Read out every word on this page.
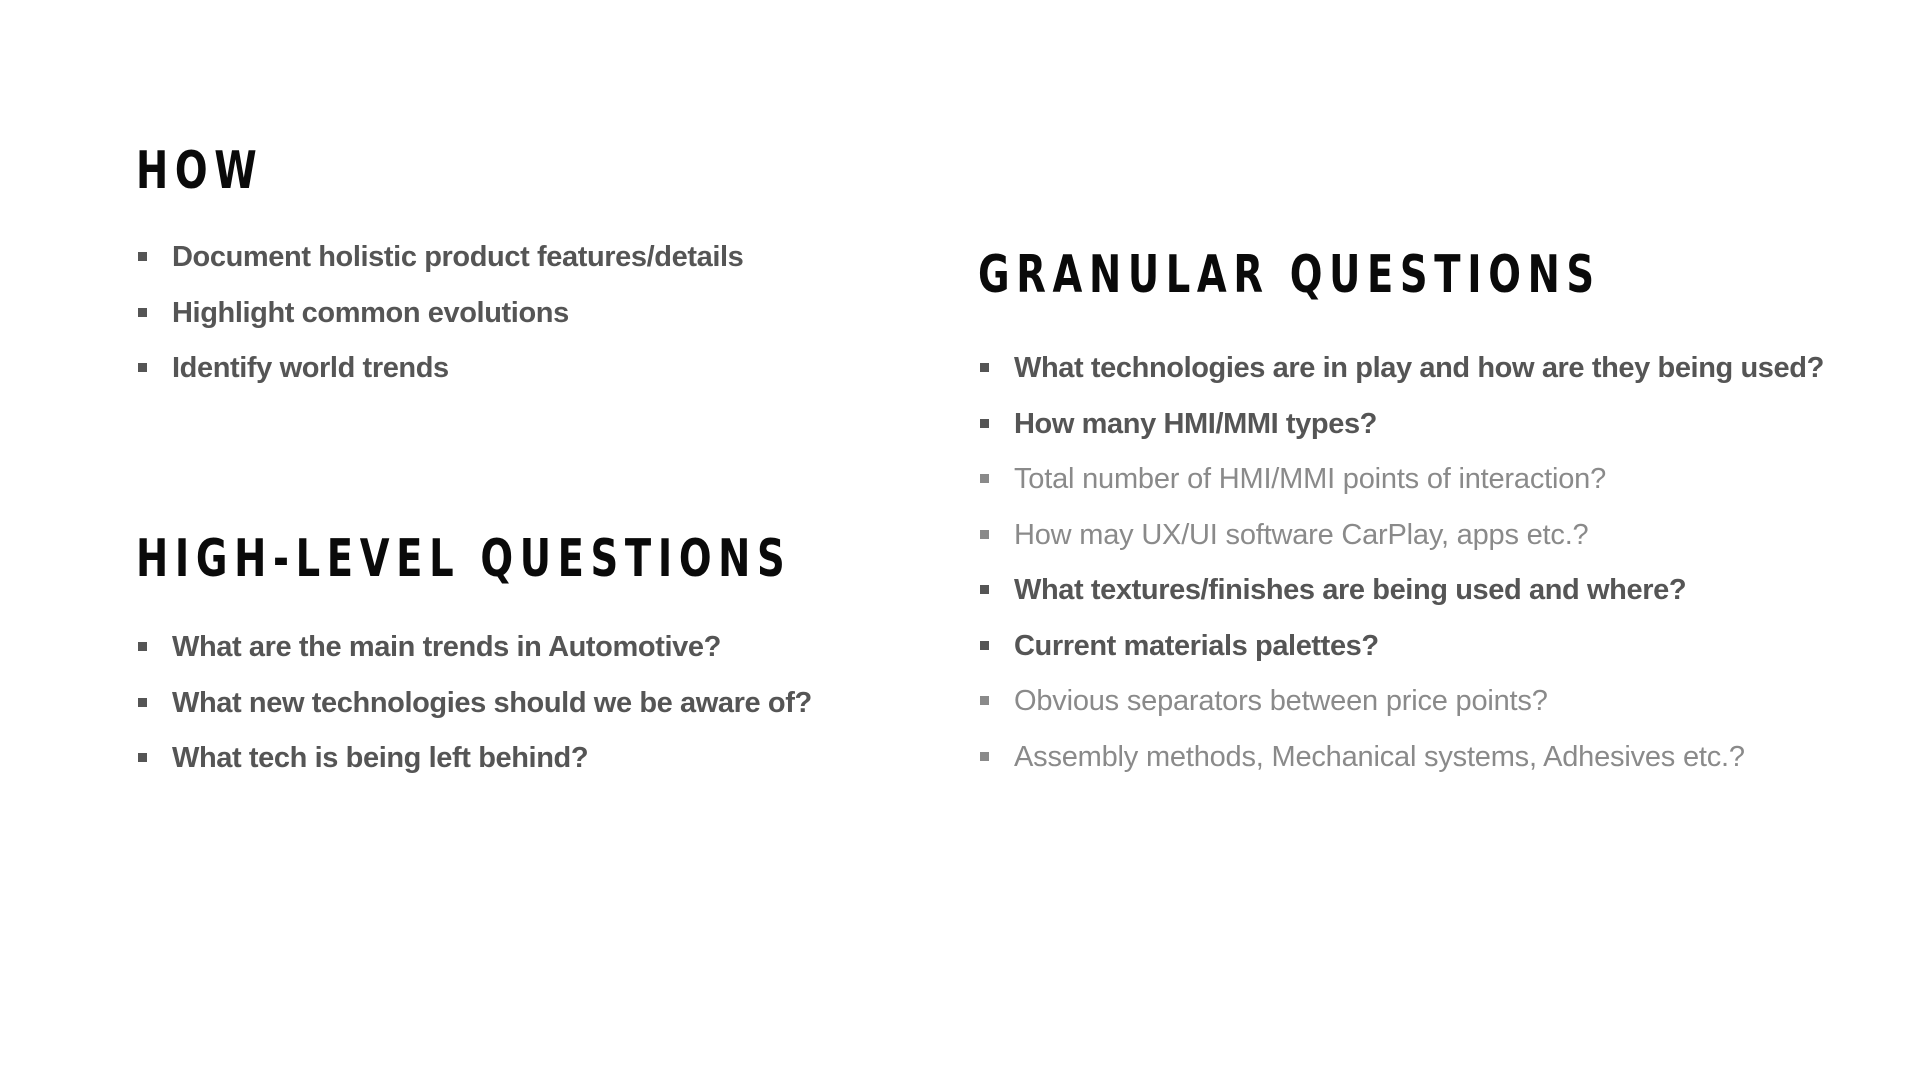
HOW
Document holistic product features/details
Highlight common evolutions
Identify world trends
HIGH-LEVEL QUESTIONS
What are the main trends in Automotive?
What new technologies should we be aware of?
What tech is being left behind?
GRANULAR QUESTIONS
What technologies are in play and how are they being used?
How many HMI/MMI types?
Total number of HMI/MMI points of interaction?
How may UX/UI software CarPlay, apps etc.?
What textures/finishes are being used and where?
Current materials palettes?
Obvious separators between price points?
Assembly methods, Mechanical systems, Adhesives etc.?
